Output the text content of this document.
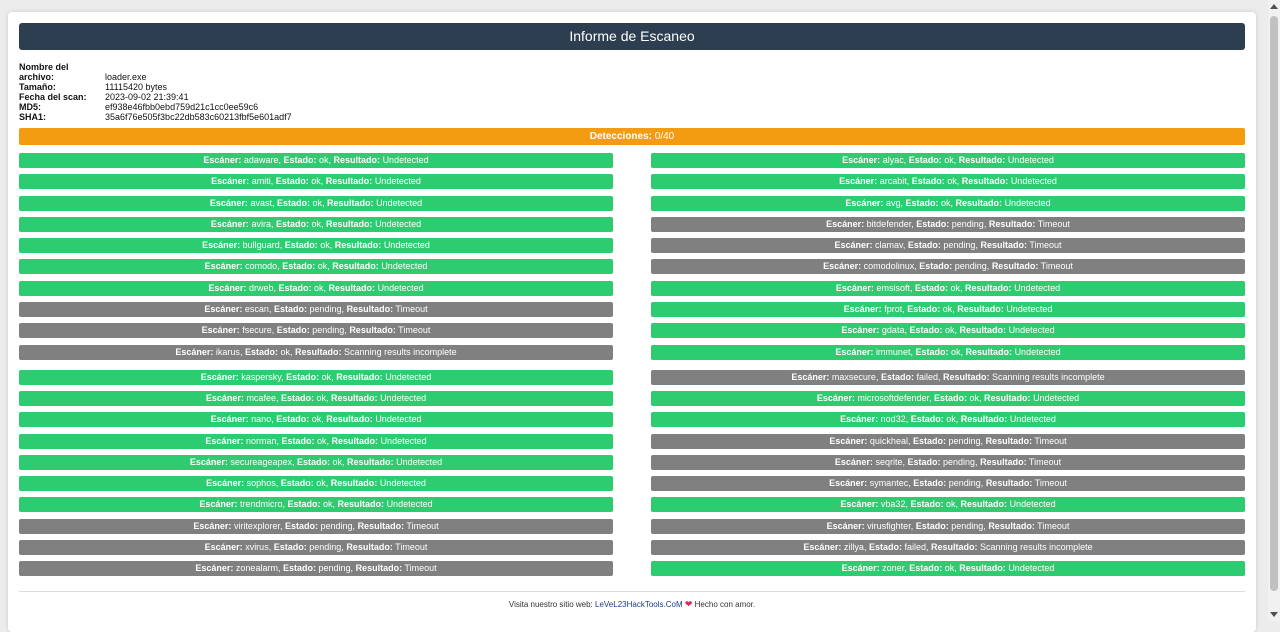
Informe de Escaneo
Nombre del archivo:	loader.exe
Tamaño:	11115420 bytes
Fecha del scan:	2023-09-02 21:39:41
MD5:	ef938e46fbb0ebd759d21c1cc0ee59c6
SHA1:	35a6f76e505f3bc22db583c60213fbf5e601adf7
Detecciones: 0/40
Escáner: adaware, Estado: ok, Resultado: Undetected
Escáner: amiti, Estado: ok, Resultado: Undetected
Escáner: avast, Estado: ok, Resultado: Undetected
Escáner: avira, Estado: ok, Resultado: Undetected
Escáner: bullguard, Estado: ok, Resultado: Undetected
Escáner: comodo, Estado: ok, Resultado: Undetected
Escáner: drweb, Estado: ok, Resultado: Undetected
Escáner: escan, Estado: pending, Resultado: Timeout
Escáner: fsecure, Estado: pending, Resultado: Timeout
Escáner: ikarus, Estado: ok, Resultado: Scanning results incomplete
Escáner: kaspersky, Estado: ok, Resultado: Undetected
Escáner: mcafee, Estado: ok, Resultado: Undetected
Escáner: nano, Estado: ok, Resultado: Undetected
Escáner: norman, Estado: ok, Resultado: Undetected
Escáner: secureageapex, Estado: ok, Resultado: Undetected
Escáner: sophos, Estado: ok, Resultado: Undetected
Escáner: trendmicro, Estado: ok, Resultado: Undetected
Escáner: viritexplorer, Estado: pending, Resultado: Timeout
Escáner: xvirus, Estado: pending, Resultado: Timeout
Escáner: zonealarm, Estado: pending, Resultado: Timeout
Escáner: alyac, Estado: ok, Resultado: Undetected
Escáner: arcabit, Estado: ok, Resultado: Undetected
Escáner: avg, Estado: ok, Resultado: Undetected
Escáner: bitdefender, Estado: pending, Resultado: Timeout
Escáner: clamav, Estado: pending, Resultado: Timeout
Escáner: comodolinux, Estado: pending, Resultado: Timeout
Escáner: emsisoft, Estado: ok, Resultado: Undetected
Escáner: fprot, Estado: ok, Resultado: Undetected
Escáner: gdata, Estado: ok, Resultado: Undetected
Escáner: immunet, Estado: ok, Resultado: Undetected
Escáner: maxsecure, Estado: failed, Resultado: Scanning results incomplete
Escáner: microsoftdefender, Estado: ok, Resultado: Undetected
Escáner: nod32, Estado: ok, Resultado: Undetected
Escáner: quickheal, Estado: pending, Resultado: Timeout
Escáner: seqrite, Estado: pending, Resultado: Timeout
Escáner: symantec, Estado: pending, Resultado: Timeout
Escáner: vba32, Estado: ok, Resultado: Undetected
Escáner: virusfighter, Estado: pending, Resultado: Timeout
Escáner: zillya, Estado: failed, Resultado: Scanning results incomplete
Escáner: zoner, Estado: ok, Resultado: Undetected
Visita nuestro sitio web: LeVeL23HackTools.CoM ❤ Hecho con amor.
